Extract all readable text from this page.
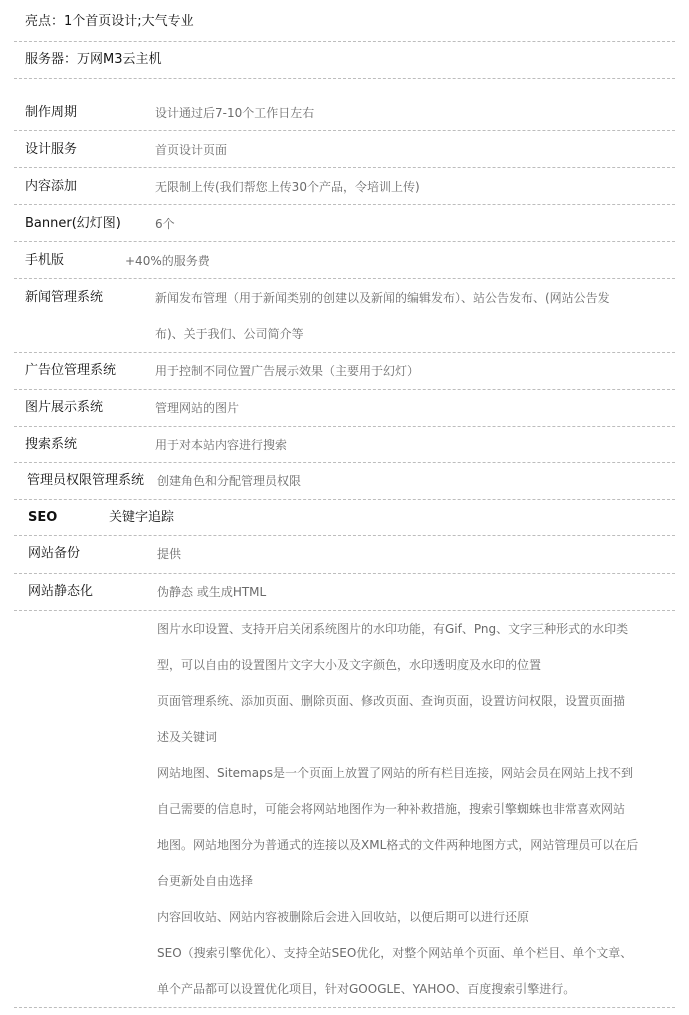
亮点：1个首页设计;大气专业
服务器：万网M3云主机
制作周期	设计通过后7-10个工作日左右
设计服务	首页设计页面
内容添加	无限制上传(我们帮您上传30个产品，令培训上传)
Banner(幻灯图)	6个
手机版	+40%的服务费
新闻管理系统	新闻发布管理（用于新闻类别的创建以及新闻的编辑发布）、站公告发布、(网站公告发
布)、关于我们、公司简介等
广告位管理系统	用于控制不同位置广告展示效果（主要用于幻灯）
图片展示系统	管理网站的图片
搜索系统	用于对本站内容进行搜索
管理员权限管理系统 创建角色和分配管理员权限
SEO	关键字追踪
网站备份	提供
网站静态化	伪静态 或生成HTML
图片水印设置、支持开启关闭系统图片的水印功能，有Gif、Png、文字三种形式的水印类
型，可以自由的设置图片文字大小及文字颜色，水印透明度及水印的位置
页面管理系统、添加页面、删除页面、修改页面、查询页面，设置访问权限，设置页面描
述及关键词
网站地图、Sitemaps是一个页面上放置了网站的所有栏目连接，网站会员在网站上找不到
自己需要的信息时，可能会将网站地图作为一种补救措施，搜索引擎蜘蛛也非常喜欢网站
地图。网站地图分为普通式的连接以及XML格式的文件两种地图方式，网站管理员可以在后
台更新处自由选择
内容回收站、网站内容被删除后会进入回收站，以便后期可以进行还原
SEO（搜索引擎优化）、支持全站SEO优化，对整个网站单个页面、单个栏目、单个文章、
单个产品都可以设置优化项目，针对GOOGLE、YAHOO、百度搜索引擎进行。
